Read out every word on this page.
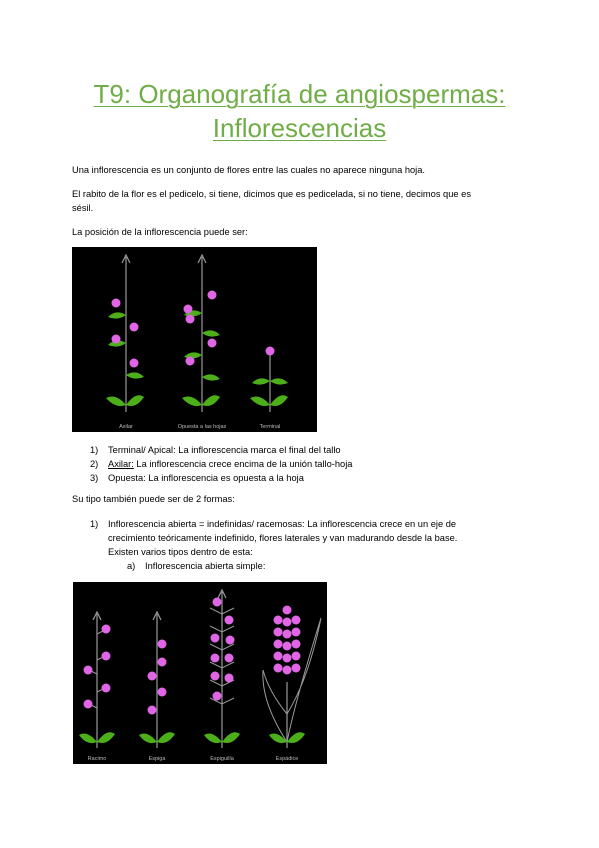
T9: Organografía de angiospermas:
Inflorescencias
Una inflorescencia es un conjunto de flores entre las cuales no aparece ninguna hoja.
El rabito de la flor es el pedicelo, si tiene, dicimos que es pedicelada, si no tiene, decimos que es
sésil.
La posición de la inflorescencia puede ser:
Axilar	Opuesta a las hojas	Terminal
1) Terminal/ Apical: La inflorescencia marca el final del tallo
2) Axilar: La inflorescencia crece encima de la unión tallo-hoja
3) Opuesta: La inflorescencia es opuesta a la hoja
Su tipo también puede ser de 2 formas:
1) Inflorescencia abierta = indefinidas/ racemosas: La inflorescencia crece en un eje de
crecimiento teóricamente indefinido, flores laterales y van madurando desde la base.
Existen varios tipos dentro de esta:
a) Inflorescencia abierta simple:
Racimo	Espiga	Espiguilla	Espádice
